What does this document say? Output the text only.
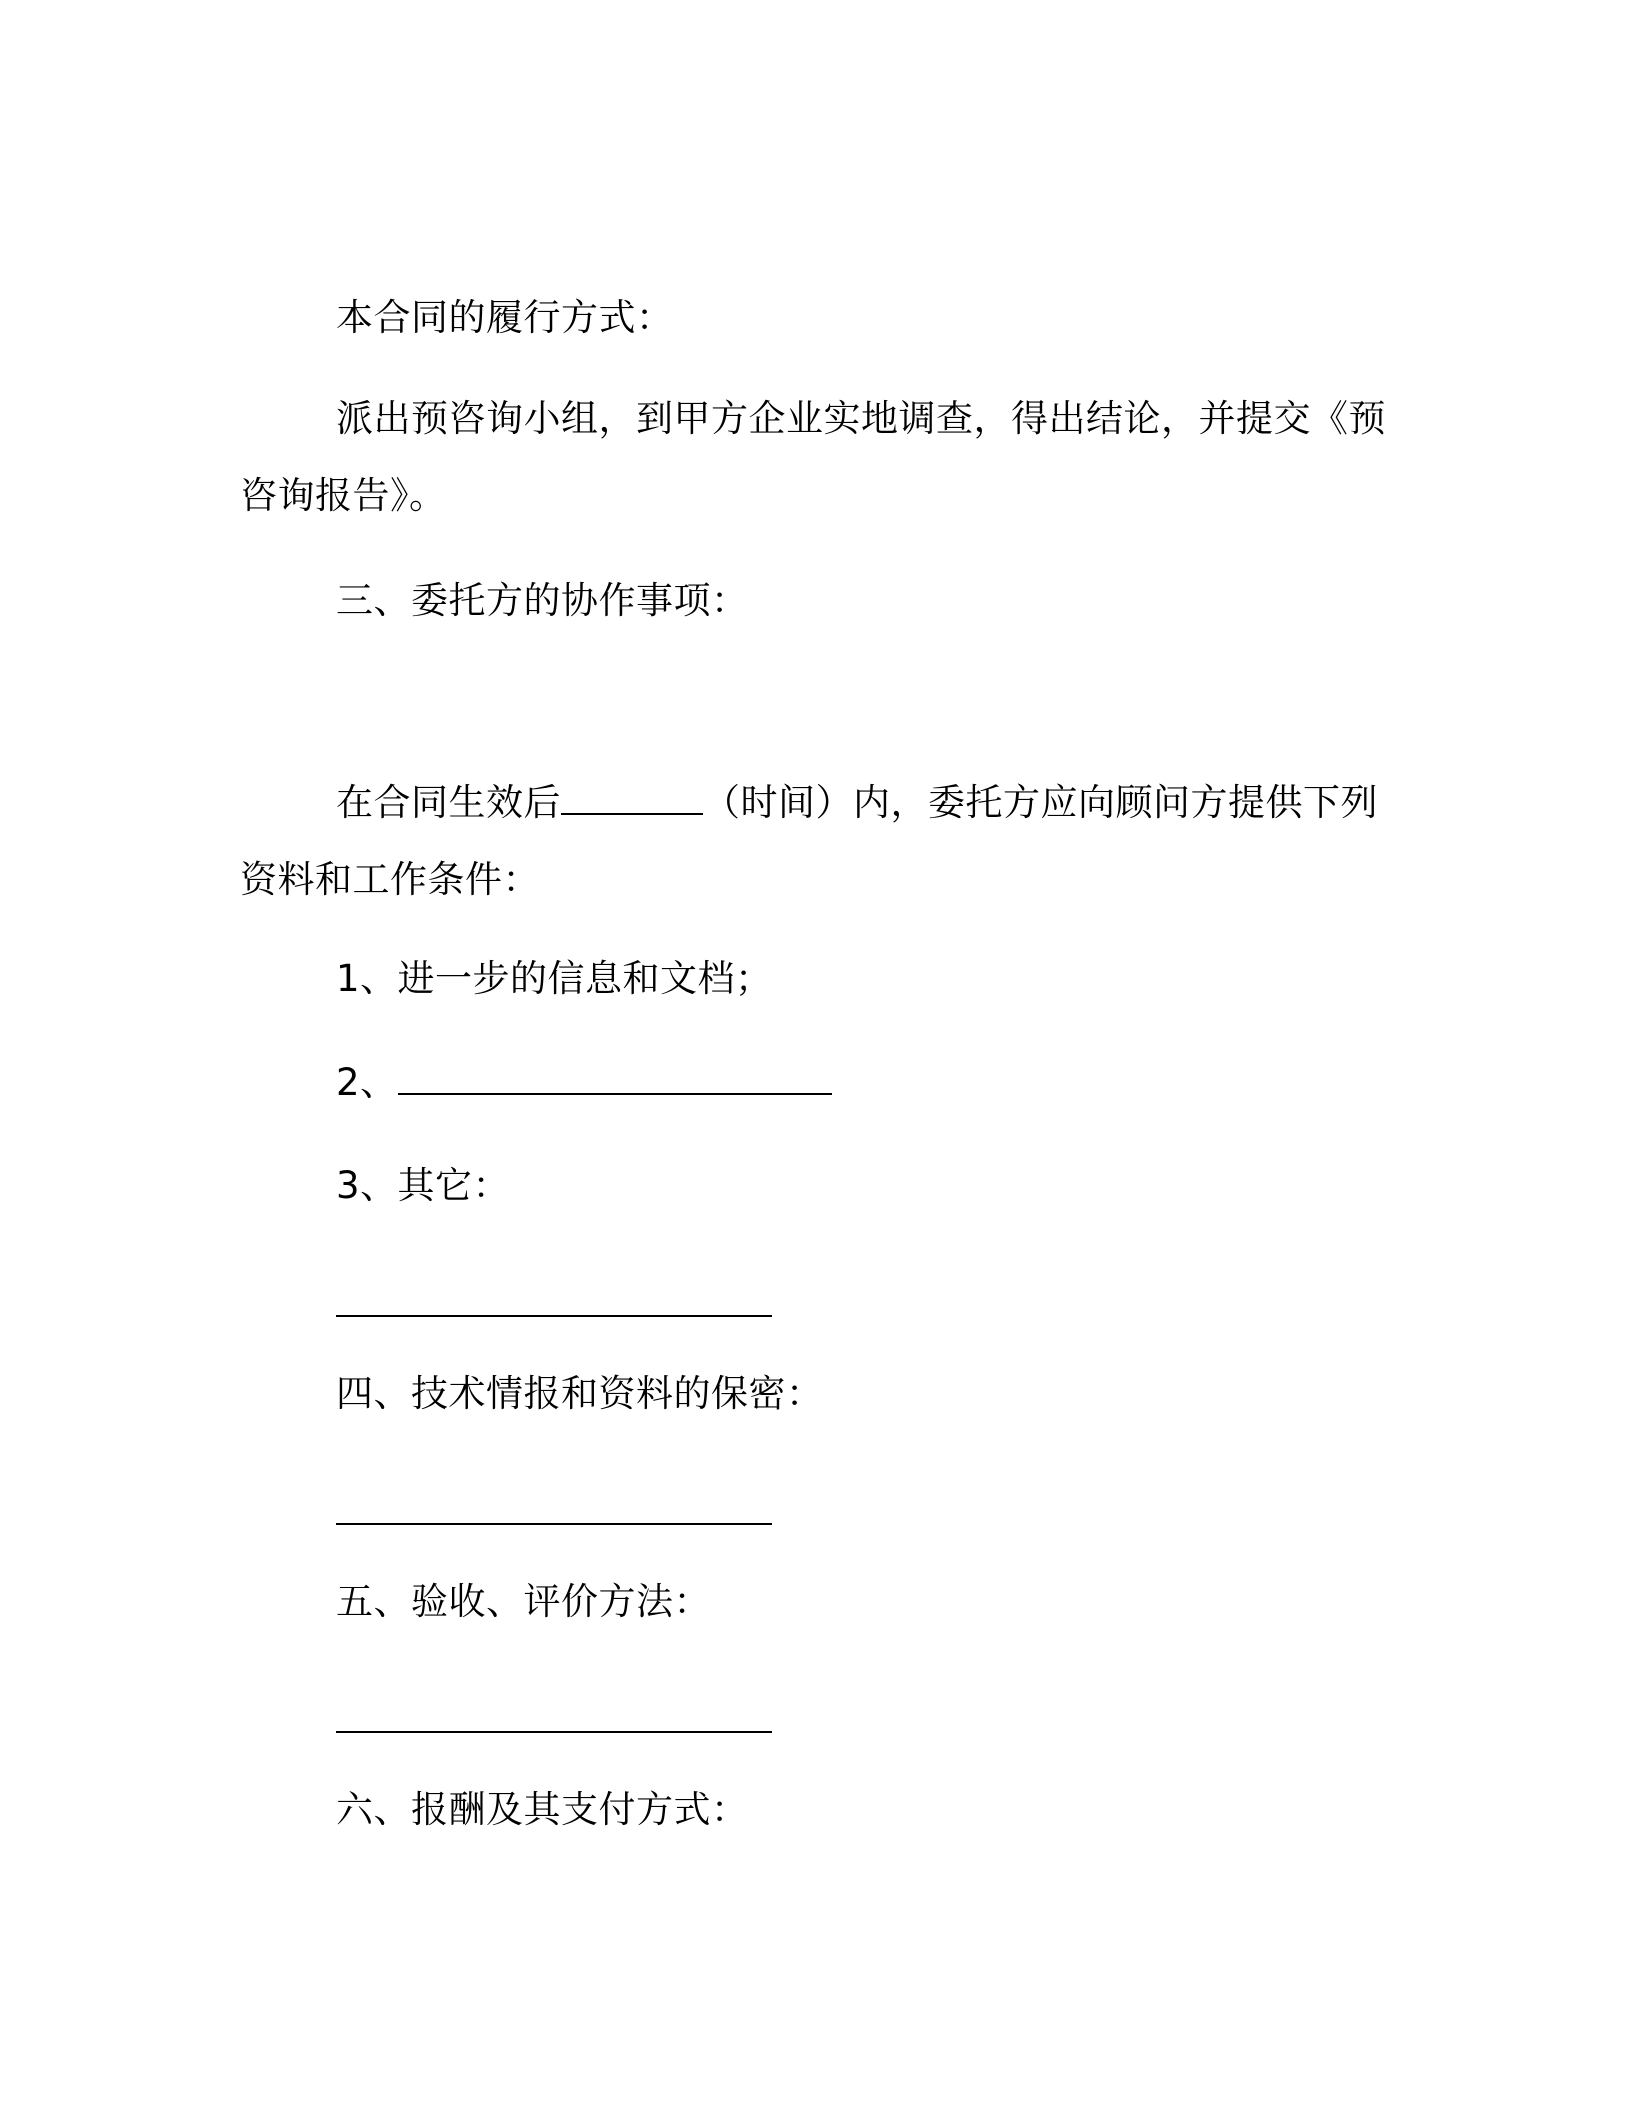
本合同的履行方式：
派出预咨询小组，到甲方企业实地调查，得出结论，并提交《预咨询报告》。
三、委托方的协作事项：
在合同生效后	（时间）内，委托方应向顾问方提供下列资料和工作条件：
1、进一步的信息和文档；
2、
3、其它：
四、技术情报和资料的保密：
五、验收、评价方法：
六、报酬及其支付方式：
